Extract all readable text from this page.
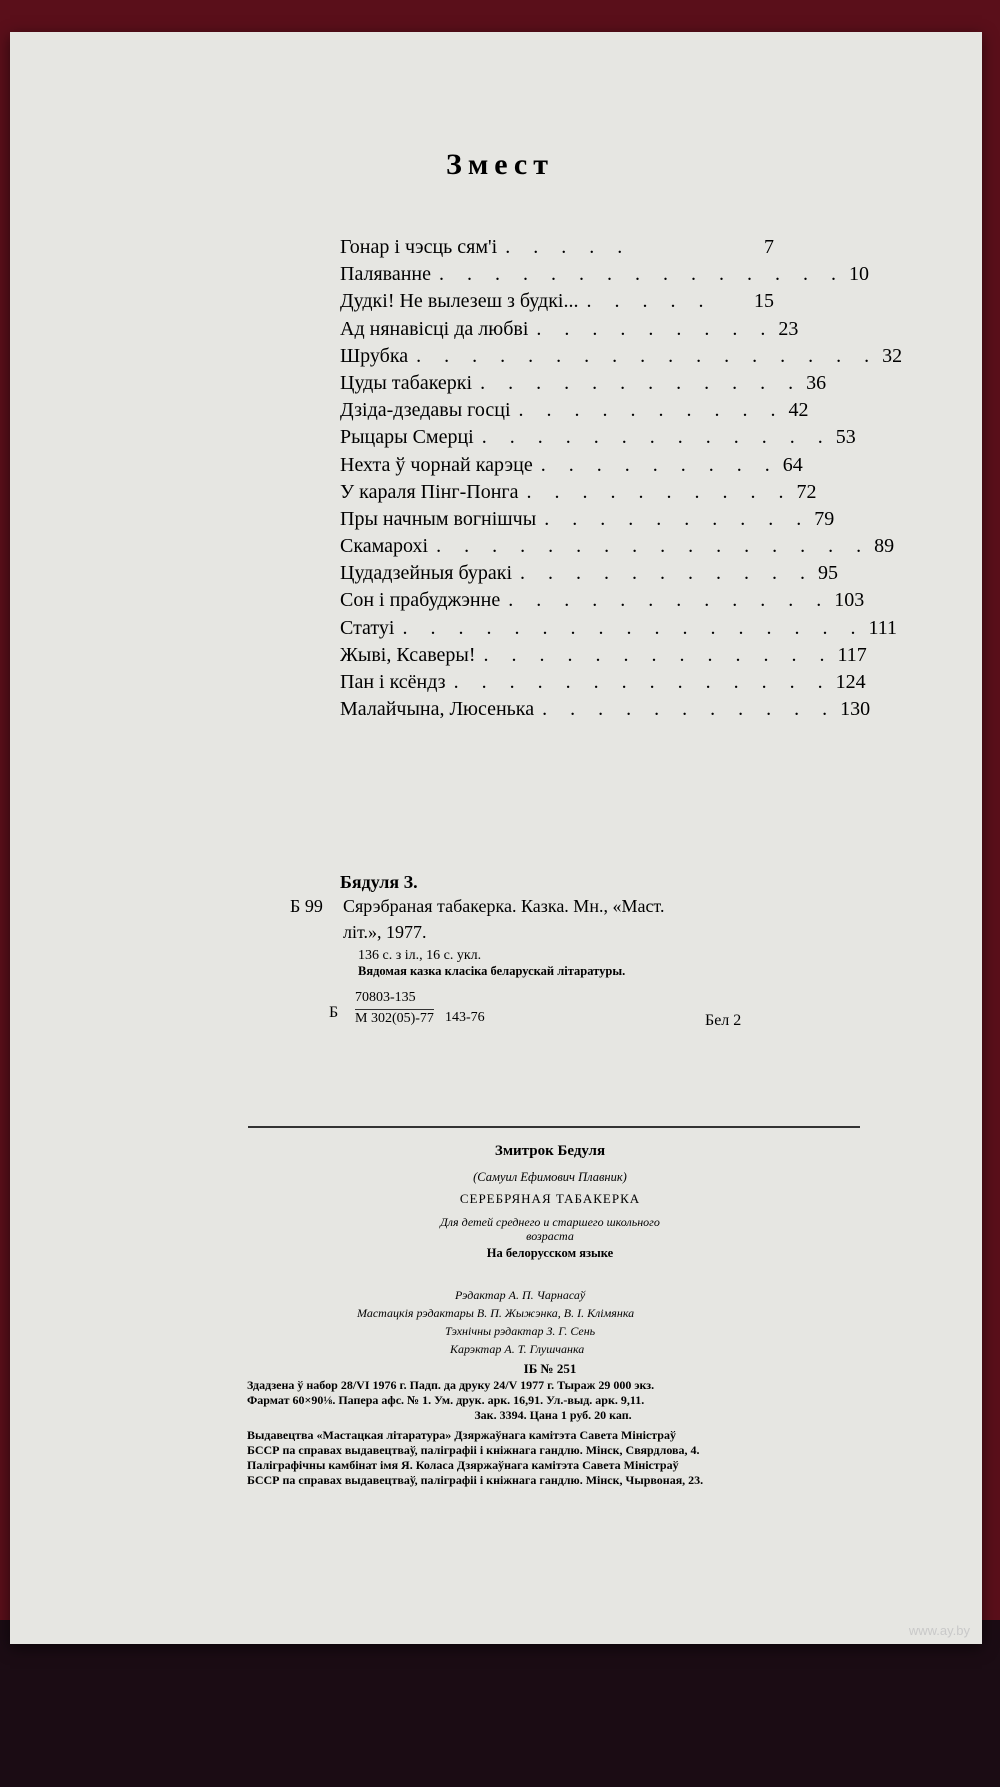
www.ay.by
Змест
Гонар і чэсць сям'і . . . . .	7
Паляванне . . . . . . . . . . . . . . . 10
Дудкі! Не вылезеш з будкі... . . . . .	15
Ад нянавісці да любві . . . . . . . . . 23
Шрубка . . . . . . . . . . . . . . . . . 32
Цуды табакеркі . . . . . . . . . . . . 36
Дзіда-дзедавы госці . . . . . . . . . . 42
Рыцары Смерці . . . . . . . . . . . . . 53
Нехта ў чорнай карэце . . . . . . . . . 64
У караля Пінг-Понга . . . . . . . . . . 72
Пры начным вогнішчы . . . . . . . . . . 79
Скамарохі . . . . . . . . . . . . . . . . 89
Цудадзейныя буракі . . . . . . . . . . . 95
Сон і прабуджэнне . . . . . . . . . . . . 103
Статуі . . . . . . . . . . . . . . . . . 111
Жыві, Ксаверы! . . . . . . . . . . . . . 117
Пан і ксёндз . . . . . . . . . . . . . . 124
Малайчына, Люсенька . . . . . . . . . . . 130
Бядуля З.
Б 99 Сярэбраная табакерка. Казка. Мн., «Маст.
літ.», 1977.
136 с. з іл., 16 с. укл.
Вядомая казка класіка беларускай літаратуры.
Б
70803-135
М 302(05)-77 143-76	Бел 2
Змитрок Бедуля
(Самуил Ефимович Плавник)
СЕРЕБРЯНАЯ ТАБАКЕРКА
Для детей среднего и старшего школьного
возраста
На белорусском языке
Рэдактар А. П. Чарнасаў
Мастацкія рэдактары В. П. Жыжэнка, В. І. Клімянка
Тэхнічны рэдактар З. Г. Сень
Карэктар А. Т. Глушчанка
ІБ № 251
Здадзена ў набор 28/VI 1976 г. Падп. да друку 24/V 1977 г. Тыраж 29 000 экз.
Фармат 60×90⅛. Папера афс. № 1. Ум. друк. арк. 16,91. Ул.-выд. арк. 9,11.
Зак. 3394. Цана 1 руб. 20 кап.
Выдавецтва «Мастацкая літаратура» Дзяржаўнага камітэта Савета Міністраў
БССР па справах выдавецтваў, паліграфіі і кніжнага гандлю. Мінск, Свярдлова, 4.
Паліграфічны камбінат імя Я. Коласа Дзяржаўнага камітэта Савета Міністраў
БССР па справах выдавецтваў, паліграфіі і кніжнага гандлю. Мінск, Чырвоная, 23.
